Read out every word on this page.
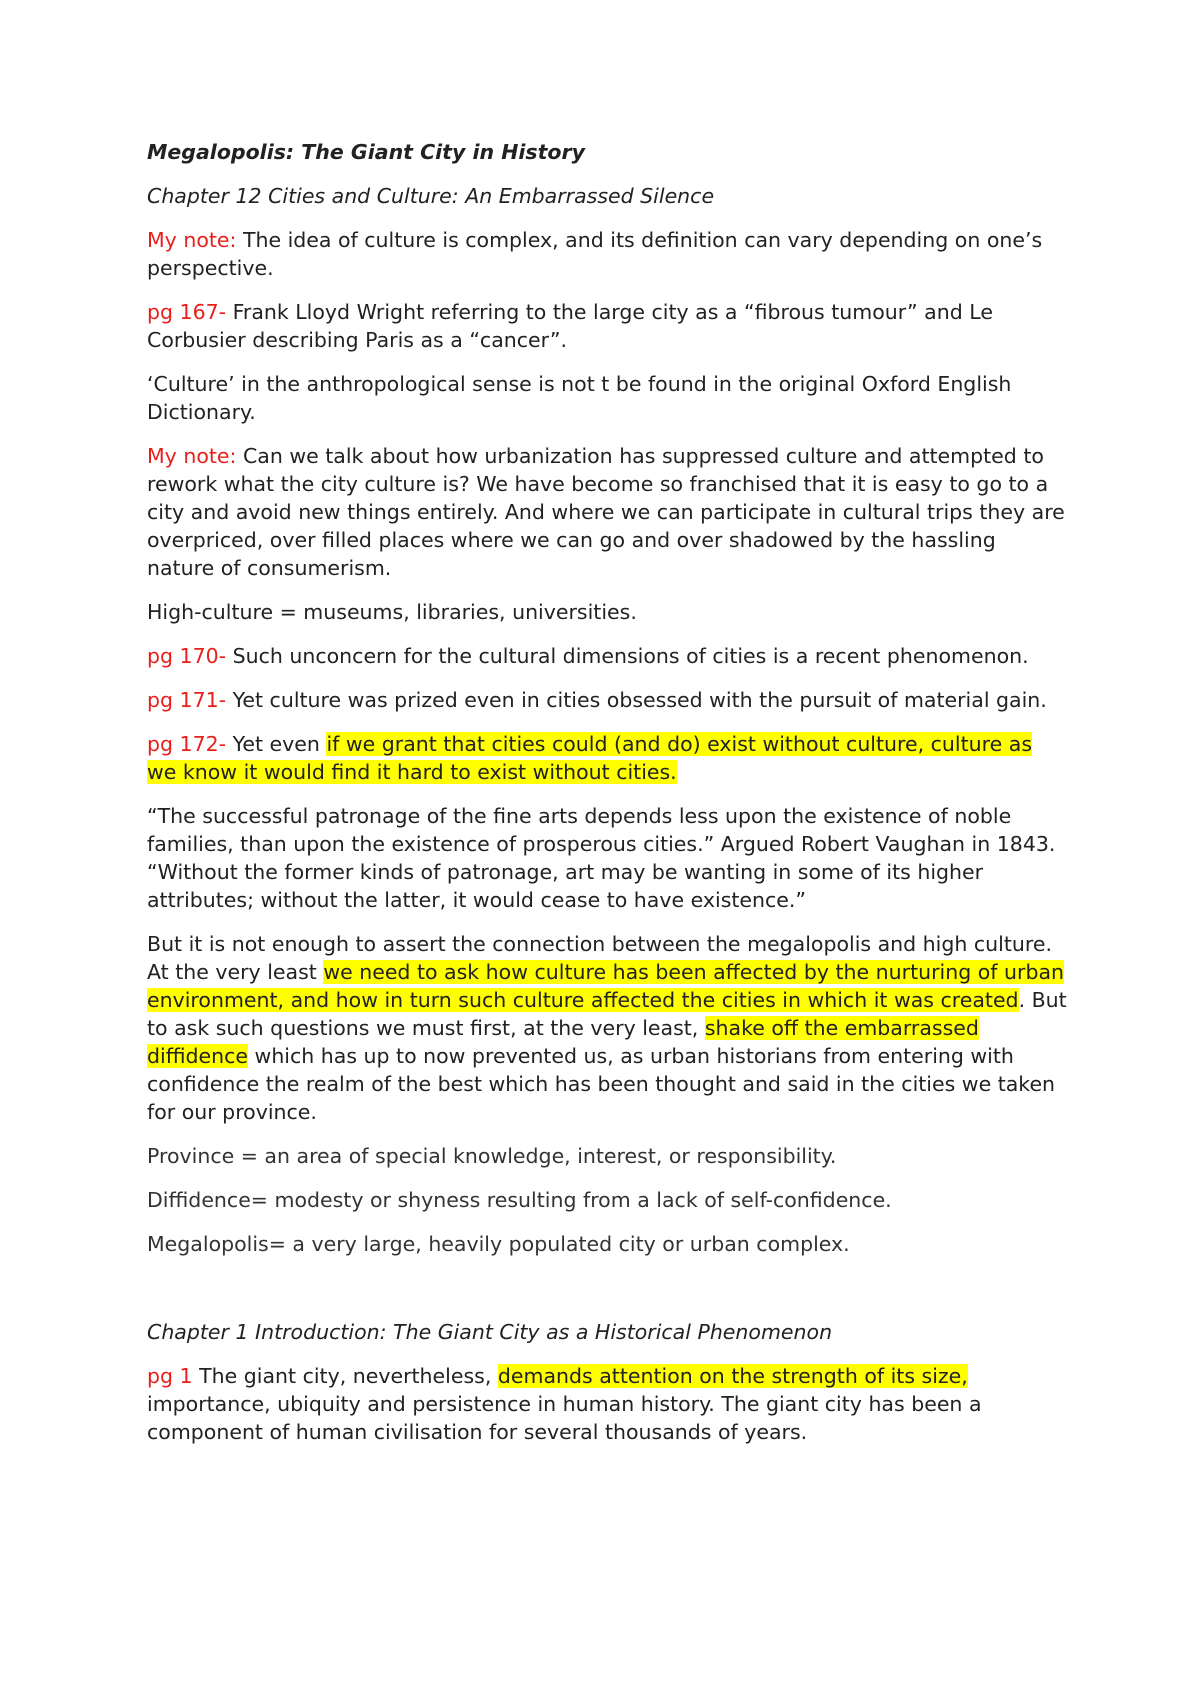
Megalopolis: The Giant City in History
Chapter 12 Cities and Culture: An Embarrassed Silence
My note: The idea of culture is complex, and its definition can vary depending on one’s perspective.
pg 167- Frank Lloyd Wright referring to the large city as a “fibrous tumour” and Le Corbusier describing Paris as a “cancer”.
‘Culture’ in the anthropological sense is not t be found in the original Oxford English Dictionary.
My note: Can we talk about how urbanization has suppressed culture and attempted to rework what the city culture is? We have become so franchised that it is easy to go to a city and avoid new things entirely. And where we can participate in cultural trips they are overpriced, over filled places where we can go and over shadowed by the hassling nature of consumerism.
High-culture = museums, libraries, universities.
pg 170- Such unconcern for the cultural dimensions of cities is a recent phenomenon.
pg 171- Yet culture was prized even in cities obsessed with the pursuit of material gain.
pg 172- Yet even if we grant that cities could (and do) exist without culture, culture as we know it would find it hard to exist without cities.
“The successful patronage of the fine arts depends less upon the existence of noble families, than upon the existence of prosperous cities.” Argued Robert Vaughan in 1843. “Without the former kinds of patronage, art may be wanting in some of its higher attributes; without the latter, it would cease to have existence.”
But it is not enough to assert the connection between the megalopolis and high culture. At the very least we need to ask how culture has been affected by the nurturing of urban environment, and how in turn such culture affected the cities in which it was created. But to ask such questions we must first, at the very least, shake off the embarrassed diffidence which has up to now prevented us, as urban historians from entering with confidence the realm of the best which has been thought and said in the cities we taken for our province.
Province = an area of special knowledge, interest, or responsibility.
Diffidence= modesty or shyness resulting from a lack of self-confidence.
Megalopolis= a very large, heavily populated city or urban complex.
Chapter 1 Introduction: The Giant City as a Historical Phenomenon
pg 1 The giant city, nevertheless, demands attention on the strength of its size, importance, ubiquity and persistence in human history. The giant city has been a component of human civilisation for several thousands of years.
